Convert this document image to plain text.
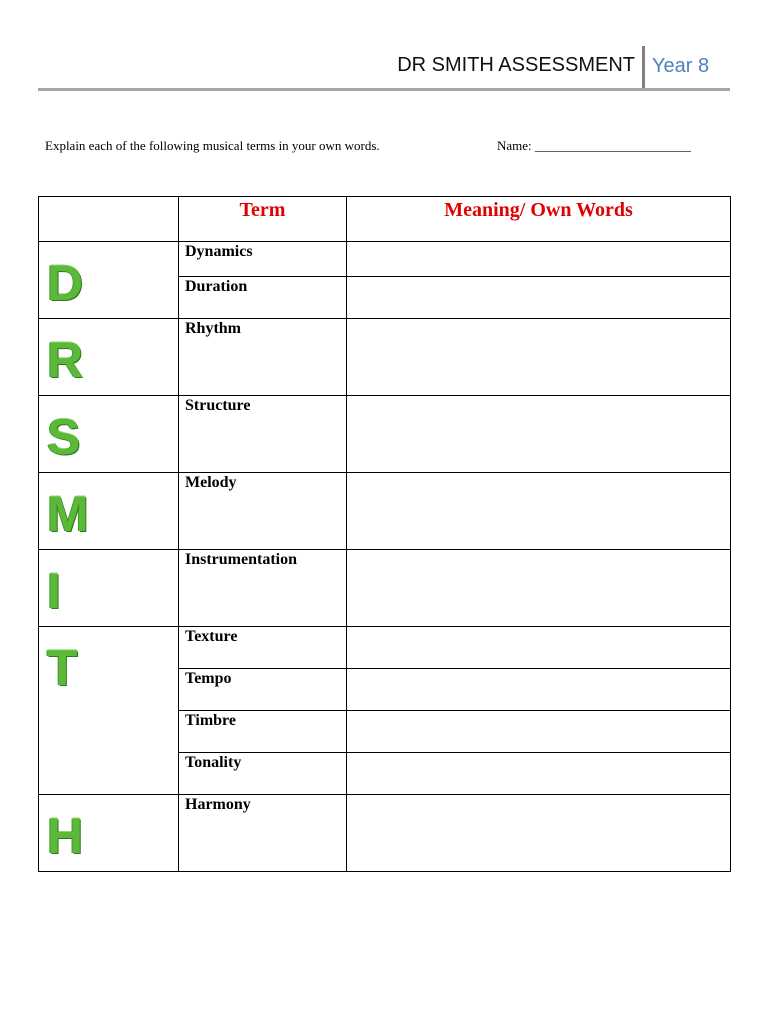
DR SMITH ASSESSMENT Year 8
Explain each of the following musical terms in your own words.	Name: ________________________
	Term	Meaning/ Own Words

D	Dynamics	

	Duration	

R	Rhythm	

S	Structure	

M	Melody	

I	Instrumentation	

T	Texture	

	Tempo	

	Timbre	

	Tonality	

H	Harmony	
